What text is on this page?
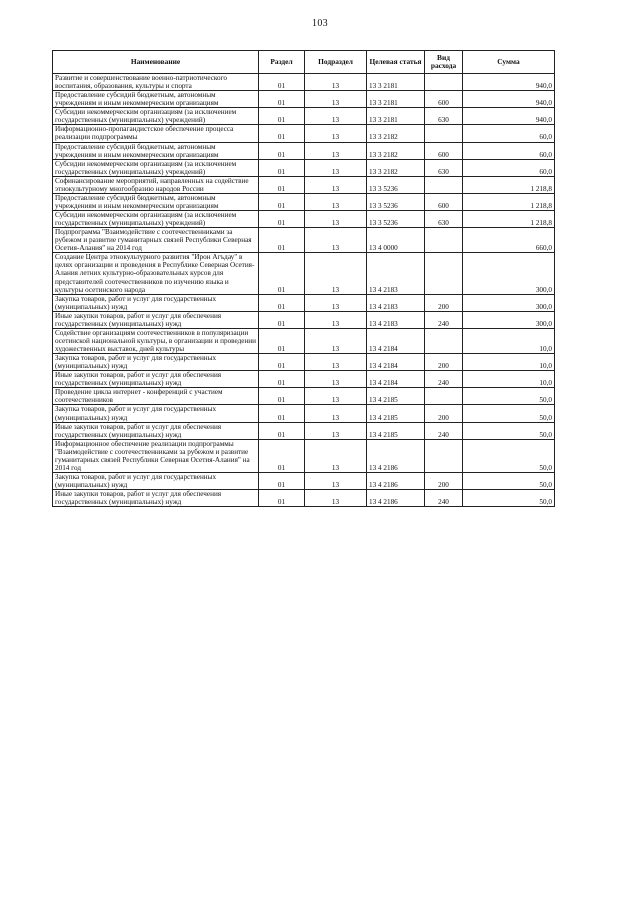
103
Наименование	Раздел	Подраздел	Целевая статья	Вид расхода	Сумма
Развитие и совершенствование военно-патриотического воспитания, образования, культуры и спорта	01	13	13 3 2181		940,0
Предоставление субсидий бюджетным, автономным учреждениям и иным некоммерческим организациям	01	13	13 3 2181	600	940,0
Субсидии некоммерческим организациям (за исключением государственных (муниципальных) учреждений)	01	13	13 3 2181	630	940,0
Информационно-пропагандистское обеспечение процесса реализации подпрограммы	01	13	13 3 2182		60,0
Предоставление субсидий бюджетным, автономным учреждениям и иным некоммерческим организациям	01	13	13 3 2182	600	60,0
Субсидии некоммерческим организациям (за исключением государственных (муниципальных) учреждений)	01	13	13 3 2182	630	60,0
Софинансирование мероприятий, направленных на содействие этнокультурному многообразию народов России	01	13	13 3 5236		1 218,8
Предоставление субсидий бюджетным, автономным учреждениям и иным некоммерческим организациям	01	13	13 3 5236	600	1 218,8
Субсидии некоммерческим организациям (за исключением государственных (муниципальных) учреждений)	01	13	13 3 5236	630	1 218,8
Подпрограмма "Взаимодействие с соотечественниками за рубежом и развитие гуманитарных связей Республики Северная Осетия-Алания" на 2014 год	01	13	13 4 0000		660,0
Создание Центра этнокультурного развития "Ирон Агъдау" в целях организации и проведения в Республике Северная Осетия-Алания летних культурно-образовательных курсов для представителей соотечественников по изучению языка и культуры осетинского народа	01	13	13 4 2183		300,0
Закупка товаров, работ и услуг для государственных (муниципальных) нужд	01	13	13 4 2183	200	300,0
Иные закупки товаров, работ и услуг для обеспечения государственных (муниципальных) нужд	01	13	13 4 2183	240	300,0
Содействие организациям соотечественников в популяризации осетинской национальной культуры, в организации и проведении художественных выставок, дней культуры	01	13	13 4 2184		10,0
Закупка товаров, работ и услуг для государственных (муниципальных) нужд	01	13	13 4 2184	200	10,0
Иные закупки товаров, работ и услуг для обеспечения государственных (муниципальных) нужд	01	13	13 4 2184	240	10,0
Проведение цикла интернет - конференций с участием соотечественников	01	13	13 4 2185		50,0
Закупка товаров, работ и услуг для государственных (муниципальных) нужд	01	13	13 4 2185	200	50,0
Иные закупки товаров, работ и услуг для обеспечения государственных (муниципальных) нужд	01	13	13 4 2185	240	50,0
Информационное обеспечение реализации подпрограммы "Взаимодействие с соотечественниками за рубежом и развитие гуманитарных связей Республики Северная Осетия-Алания" на 2014 год	01	13	13 4 2186		50,0
Закупка товаров, работ и услуг для государственных (муниципальных) нужд	01	13	13 4 2186	200	50,0
Иные закупки товаров, работ и услуг для обеспечения государственных (муниципальных) нужд	01	13	13 4 2186	240	50,0
